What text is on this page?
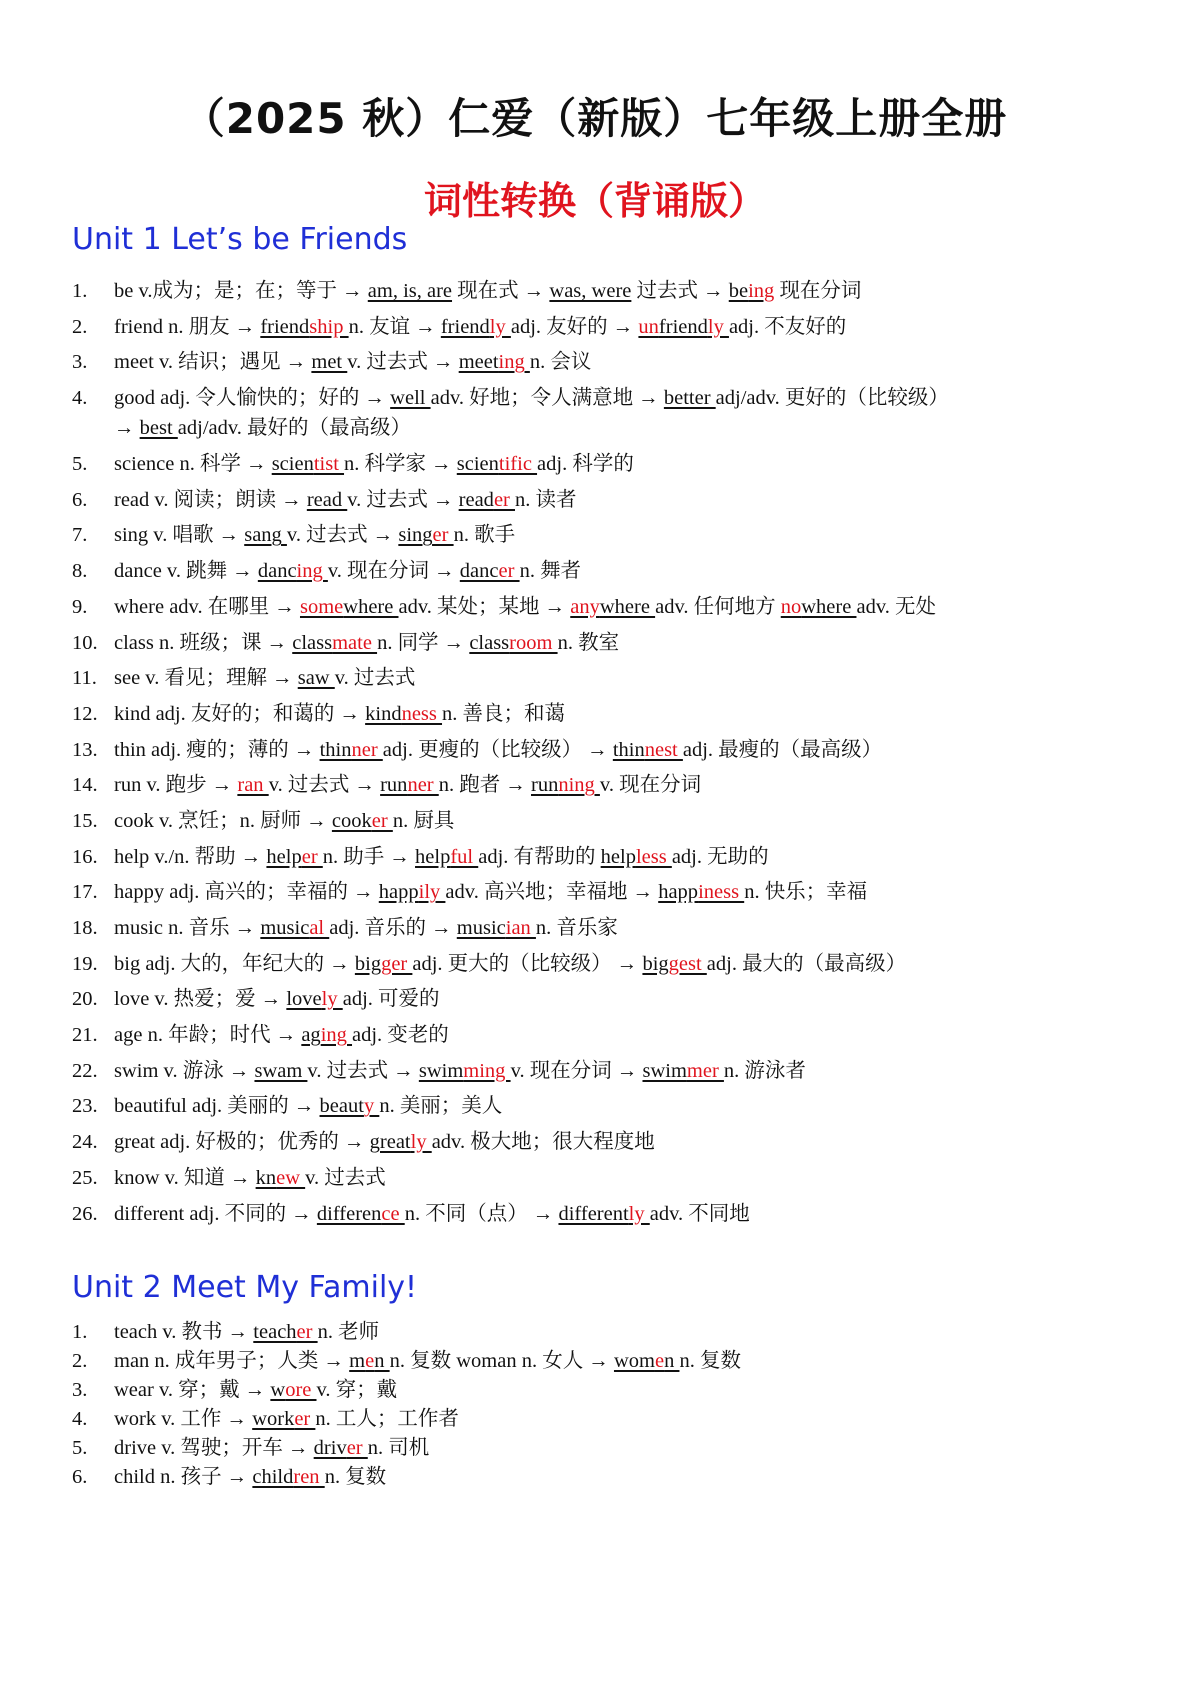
（2025 秋）仁爱（新版）七年级上册全册
词性转换（背诵版）
Unit 1 Let’s be Friends
1. be v.成为；是；在；等于 → am, is, are 现在式 → was, were 过去式 → being 现在分词
2. friend n. 朋友 → friendship n. 友谊 → friendly adj. 友好的 → unfriendly adj. 不友好的
3. meet v. 结识；遇见 → met v. 过去式 → meeting n. 会议
4. good adj. 令人愉快的；好的 → well adv. 好地；令人满意地 → better adj/adv. 更好的（比较级）
→ best adj/adv. 最好的（最高级）
5. science n. 科学 → scientist n. 科学家 → scientific adj. 科学的
6. read v. 阅读；朗读 → read v. 过去式 → reader n. 读者
7. sing v. 唱歌 → sang v. 过去式 → singer n. 歌手
8. dance v. 跳舞 → dancing v. 现在分词 → dancer n. 舞者
9. where adv. 在哪里 → somewhere adv. 某处；某地 → anywhere adv. 任何地方 nowhere adv. 无处
10. class n. 班级；课 → classmate n. 同学 → classroom n. 教室
11. see v. 看见；理解 → saw v. 过去式
12. kind adj. 友好的；和蔼的 → kindness n. 善良；和蔼
13. thin adj. 瘦的；薄的 → thinner adj. 更瘦的（比较级） → thinnest adj. 最瘦的（最高级）
14. run v. 跑步 → ran v. 过去式 → runner n. 跑者 → running v. 现在分词
15. cook v. 烹饪；n. 厨师 → cooker n. 厨具
16. help v./n. 帮助 → helper n. 助手 → helpful adj. 有帮助的 helpless adj. 无助的
17. happy adj. 高兴的；幸福的 → happily adv. 高兴地；幸福地 → happiness n. 快乐；幸福
18. music n. 音乐 → musical adj. 音乐的 → musician n. 音乐家
19. big adj. 大的，年纪大的 → bigger adj. 更大的（比较级） → biggest adj. 最大的（最高级）
20. love v. 热爱；爱 → lovely adj. 可爱的
21. age n. 年龄；时代 → aging adj. 变老的
22. swim v. 游泳 → swam v. 过去式 → swimming v. 现在分词 → swimmer n. 游泳者
23. beautiful adj. 美丽的 → beauty n. 美丽；美人
24. great adj. 好极的；优秀的 → greatly adv. 极大地；很大程度地
25. know v. 知道 → knew v. 过去式
26. different adj. 不同的 → difference n. 不同（点） → differently adv. 不同地
Unit 2 Meet My Family!
1. teach v. 教书 → teacher n. 老师
2. man n. 成年男子；人类 → men n. 复数 woman n. 女人 → women n. 复数
3. wear v. 穿；戴 → wore v. 穿；戴
4. work v. 工作 → worker n. 工人；工作者
5. drive v. 驾驶；开车 → driver n. 司机
6. child n. 孩子 → children n. 复数
